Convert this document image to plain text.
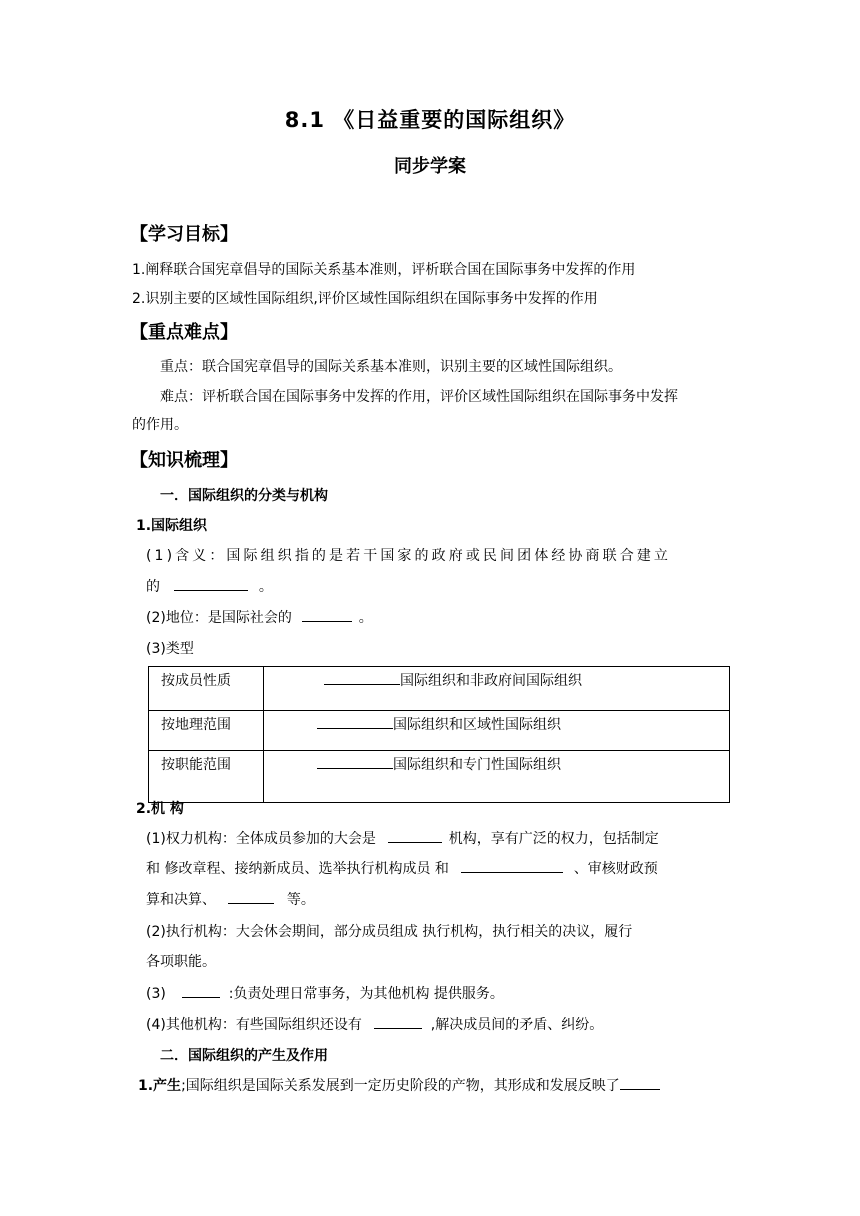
8.1 《日益重要的国际组织》
同步学案
【学习目标】
1.阐释联合国宪章倡导的国际关系基本准则，评析联合国在国际事务中发挥的作用
2.识别主要的区域性国际组织,评价区域性国际组织在国际事务中发挥的作用
【重点难点】
重点：联合国宪章倡导的国际关系基本准则，识别主要的区域性国际组织。
难点：评析联合国在国际事务中发挥的作用，评价区域性国际组织在国际事务中发挥
的作用。
【知识梳理】
一．国际组织的分类与机构
1.国际组织
(1)含义：国际组织指的是若干国家的政府或民间团体经协商联合建立
的	。
(2)地位：是国际社会的	。
(3)类型
按成员性质	国际组织和非政府间国际组织
按地理范围	国际组织和区域性国际组织
按职能范围	国际组织和专门性国际组织
2.机 构
(1)权力机构：全体成员参加的大会是	机构，享有广泛的权力，包括制定
和 修改章程、接纳新成员、选举执行机构成员 和	、审核财政预
算和决算、	等。
(2)执行机构：大会休会期间，部分成员组成 执行机构，执行相关的决议，履行
各项职能。
(3)	:负责处理日常事务，为其他机构 提供服务。
(4)其他机构：有些国际组织还设有	,解决成员间的矛盾、纠纷。
二．国际组织的产生及作用
1.产生;国际组织是国际关系发展到一定历史阶段的产物，其形成和发展反映了
